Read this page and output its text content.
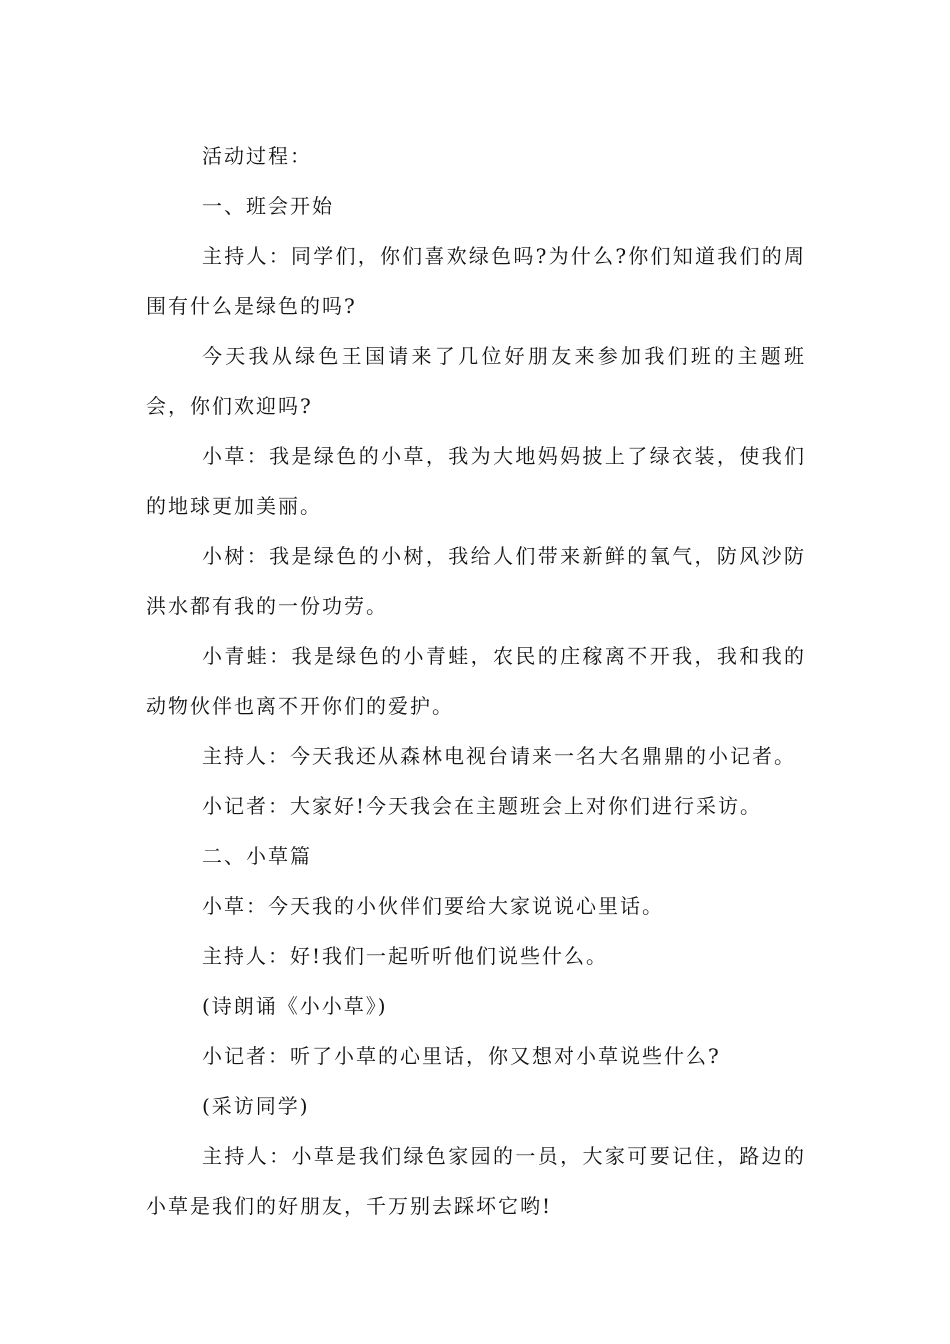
活动过程：

一、班会开始

主持人：同学们，你们喜欢绿色吗?为什么?你们知道我们的周围有什么是绿色的吗?

今天我从绿色王国请来了几位好朋友来参加我们班的主题班会，你们欢迎吗?

小草：我是绿色的小草，我为大地妈妈披上了绿衣装，使我们的地球更加美丽。

小树：我是绿色的小树，我给人们带来新鲜的氧气，防风沙防洪水都有我的一份功劳。

小青蛙：我是绿色的小青蛙，农民的庄稼离不开我，我和我的动物伙伴也离不开你们的爱护。

主持人：今天我还从森林电视台请来一名大名鼎鼎的小记者。

小记者：大家好!今天我会在主题班会上对你们进行采访。

二、小草篇

小草：今天我的小伙伴们要给大家说说心里话。

主持人：好!我们一起听听他们说些什么。

(诗朗诵《小小草》)

小记者：听了小草的心里话，你又想对小草说些什么?

(采访同学)

主持人：小草是我们绿色家园的一员，大家可要记住，路边的小草是我们的好朋友，千万别去踩坏它哟!
